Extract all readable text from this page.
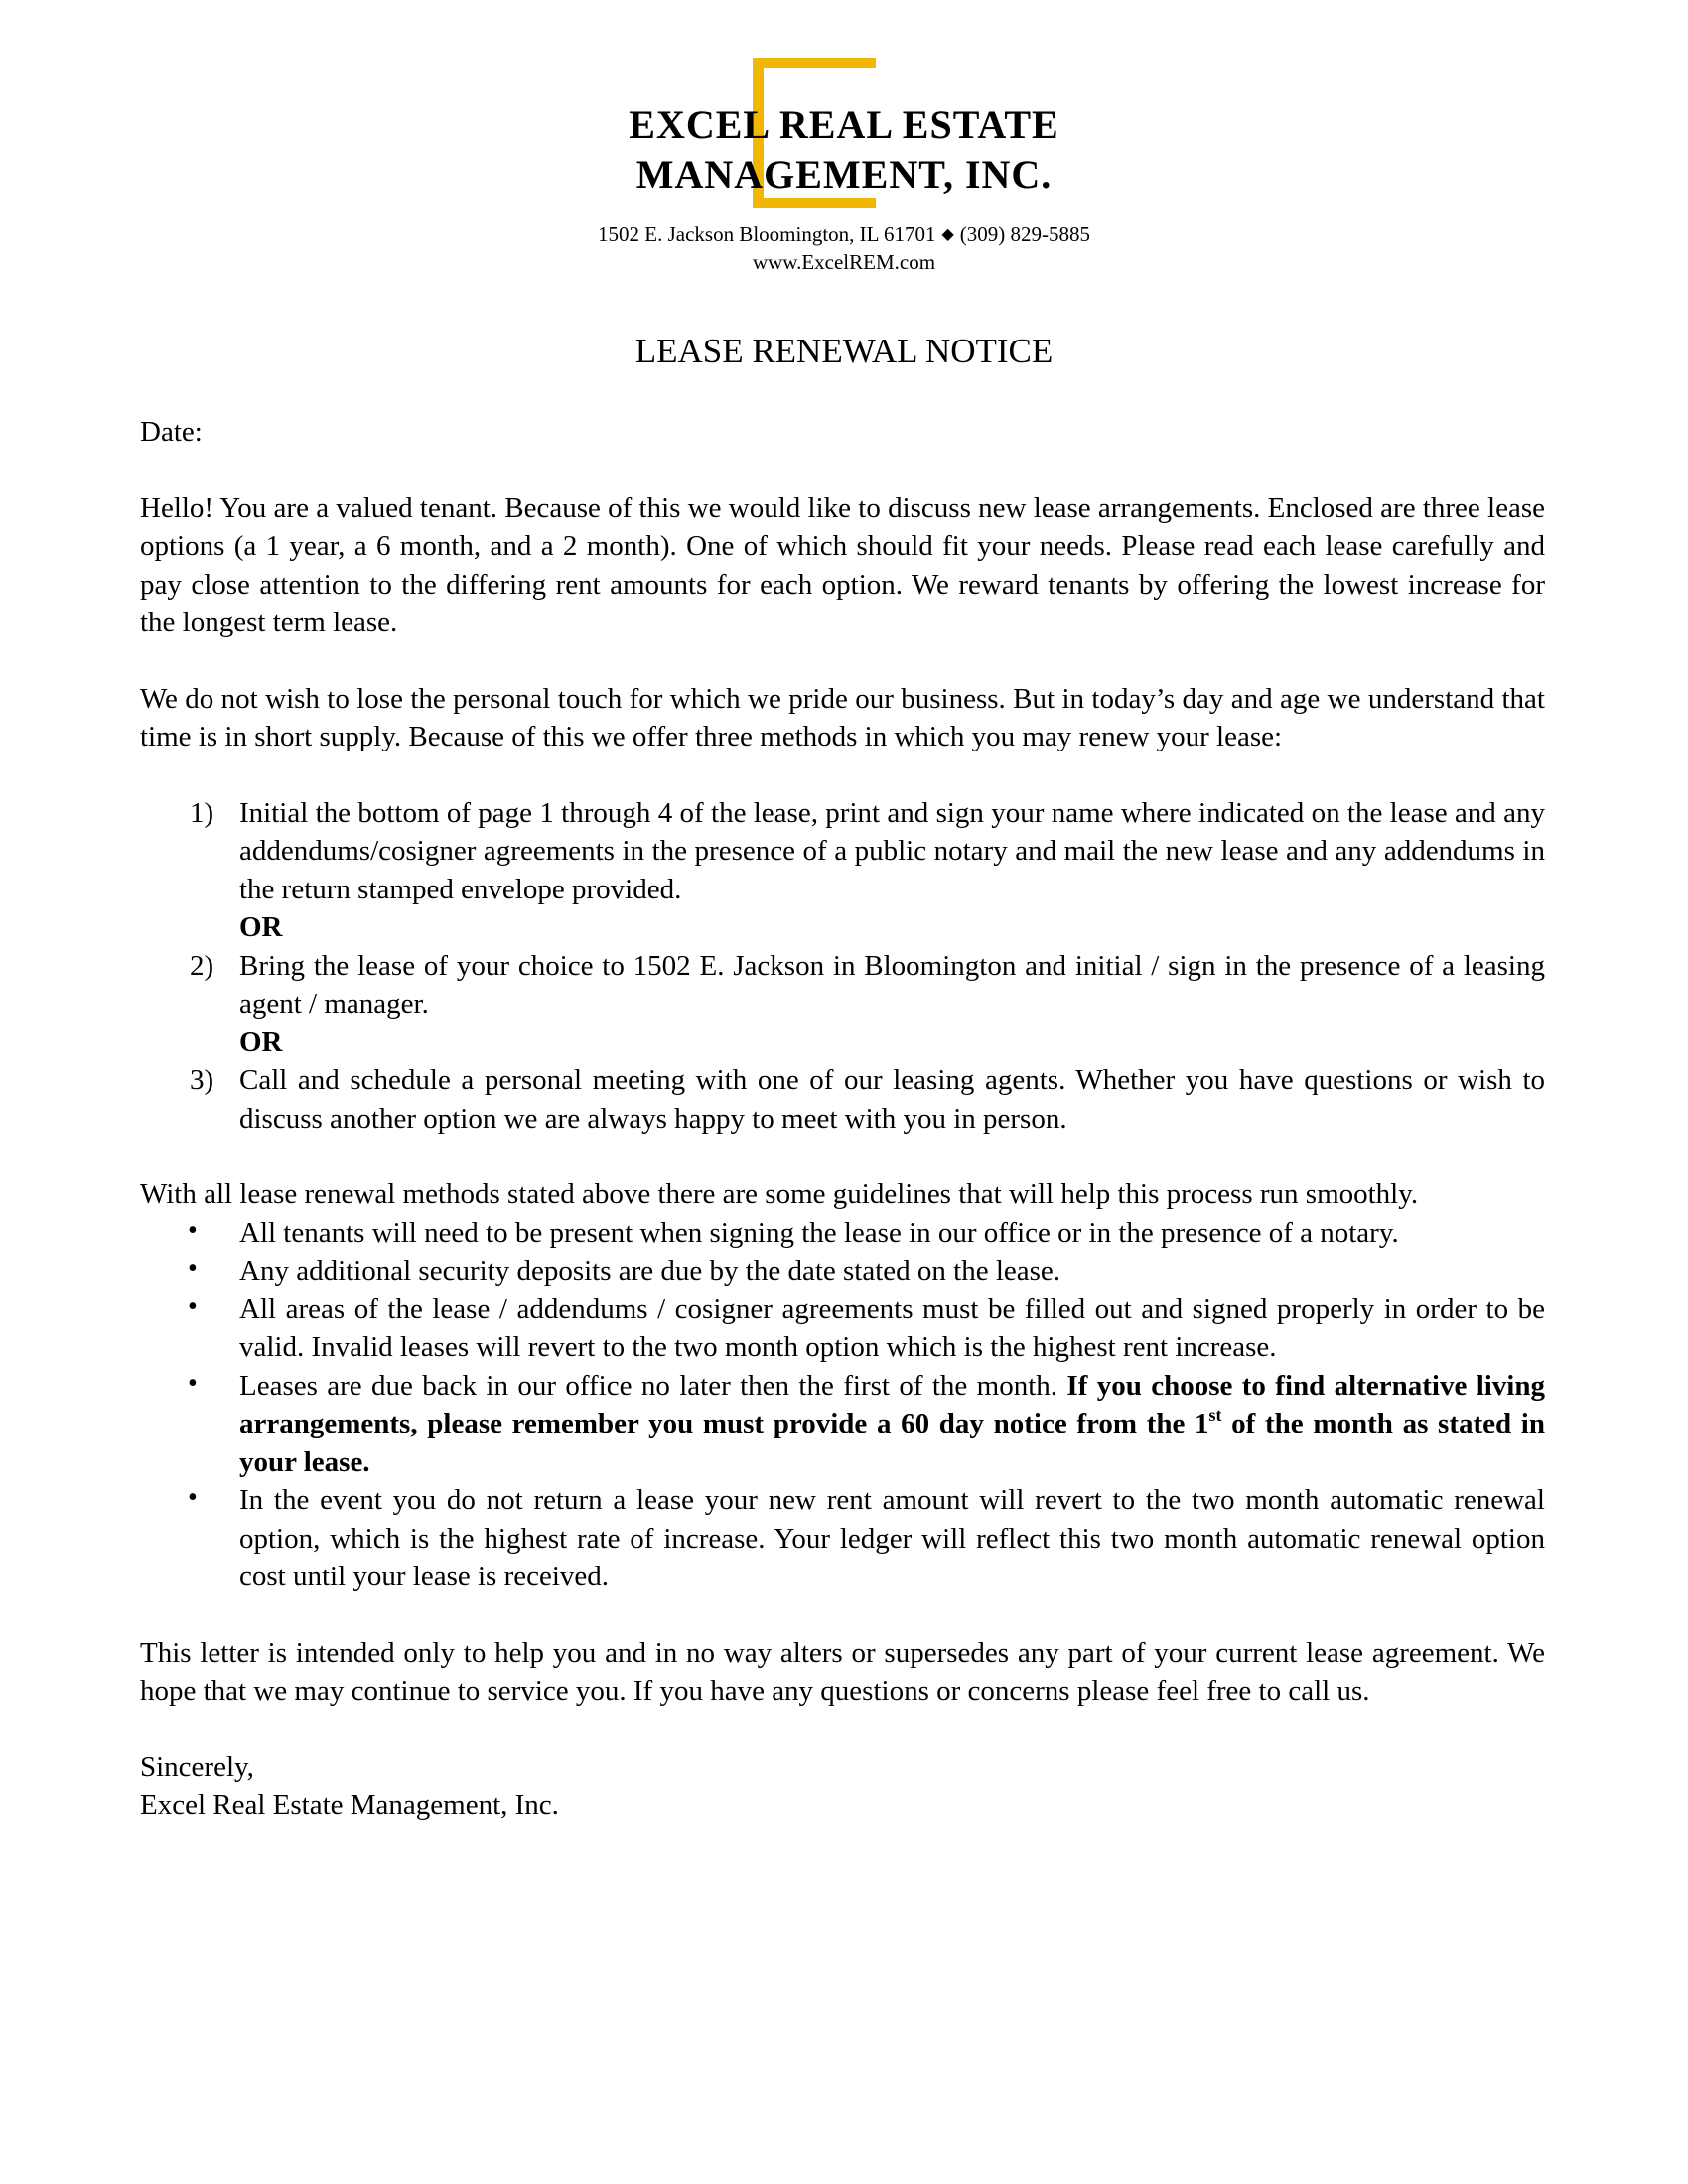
EXCEL REAL ESTATE
MANAGEMENT, INC.
1502 E. Jackson Bloomington, IL 61701 ◆ (309) 829-5885
www.ExcelREM.com
LEASE RENEWAL NOTICE

Date:

Hello! You are a valued tenant. Because of this we would like to discuss new lease arrangements. Enclosed are three lease options (a 1 year, a 6 month, and a 2 month). One of which should fit your needs. Please read each lease carefully and pay close attention to the differing rent amounts for each option. We reward tenants by offering the lowest increase for the longest term lease.

We do not wish to lose the personal touch for which we pride our business. But in today’s day and age we understand that time is in short supply. Because of this we offer three methods in which you may renew your lease:

1) Initial the bottom of page 1 through 4 of the lease, print and sign your name where indicated on the lease and any addendums/cosigner agreements in the presence of a public notary and mail the new lease and any addendums in the return stamped envelope provided.
OR
2) Bring the lease of your choice to 1502 E. Jackson in Bloomington and initial / sign in the presence of a leasing agent / manager.
OR
3) Call and schedule a personal meeting with one of our leasing agents. Whether you have questions or wish to discuss another option we are always happy to meet with you in person.

With all lease renewal methods stated above there are some guidelines that will help this process run smoothly.

• All tenants will need to be present when signing the lease in our office or in the presence of a notary.
• Any additional security deposits are due by the date stated on the lease.
• All areas of the lease / addendums / cosigner agreements must be filled out and signed properly in order to be valid. Invalid leases will revert to the two month option which is the highest rent increase.
• Leases are due back in our office no later then the first of the month. If you choose to find alternative living arrangements, please remember you must provide a 60 day notice from the 1st of the month as stated in your lease.
• In the event you do not return a lease your new rent amount will revert to the two month automatic renewal option, which is the highest rate of increase. Your ledger will reflect this two month automatic renewal option cost until your lease is received.

This letter is intended only to help you and in no way alters or supersedes any part of your current lease agreement. We hope that we may continue to service you. If you have any questions or concerns please feel free to call us.

Sincerely,

Excel Real Estate Management, Inc.
